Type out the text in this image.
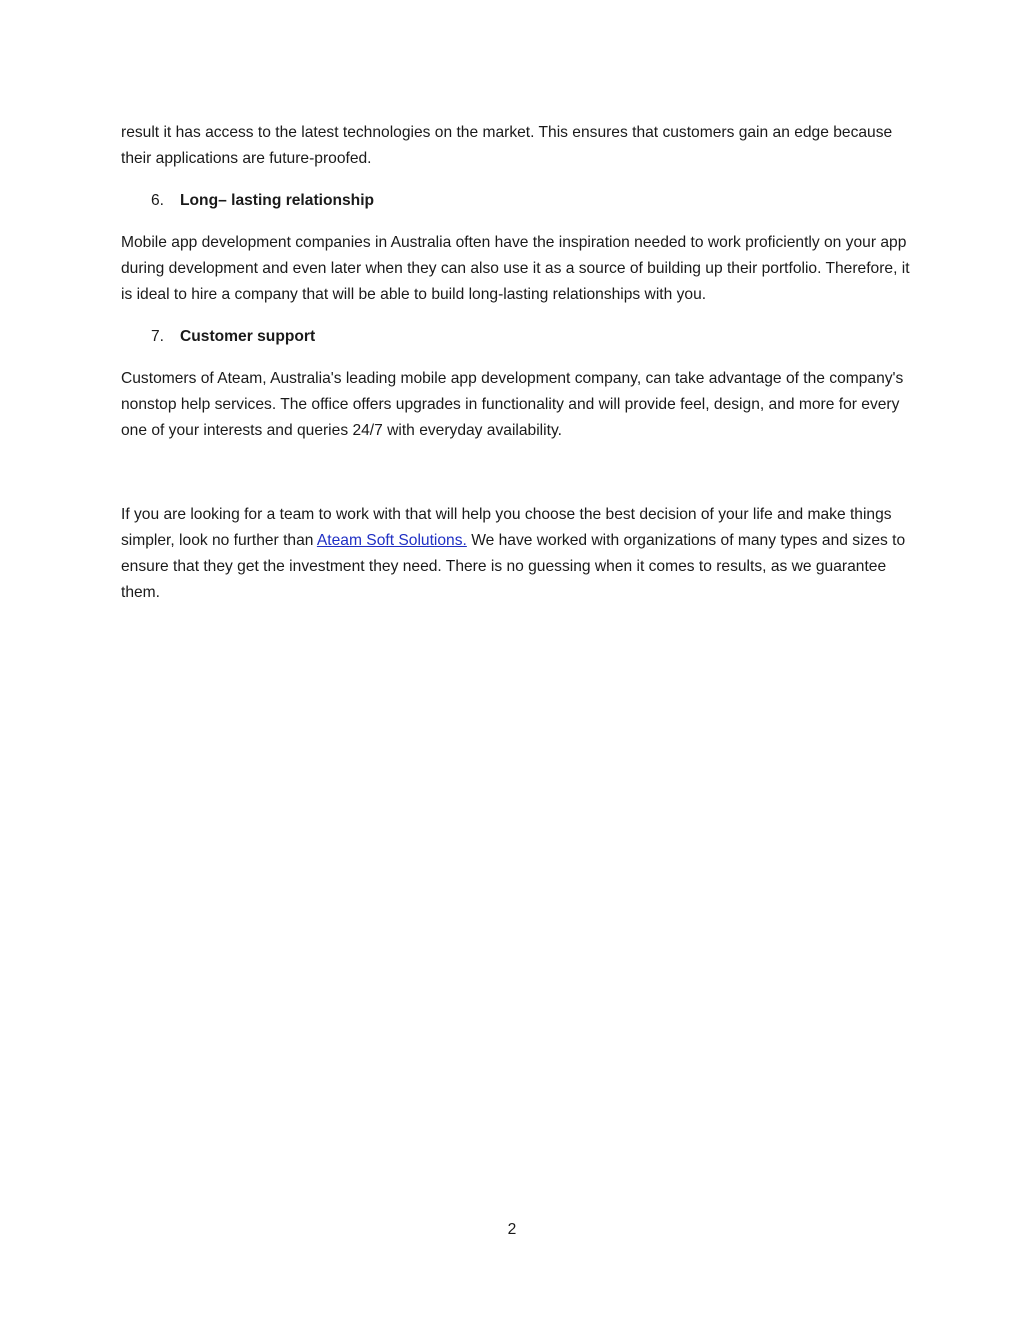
result it has access to the latest technologies on the market. This ensures that customers gain an edge because their applications are future-proofed.

6.	Long– lasting relationship

Mobile app development companies in Australia often have the inspiration needed to work proficiently on your app during development and even later when they can also use it as a source of building up their portfolio. Therefore, it is ideal to hire a company that will be able to build long-lasting relationships with you.

7.	Customer support

Customers of Ateam, Australia's leading mobile app development company, can take advantage of the company's nonstop help services. The office offers upgrades in functionality and will provide feel, design, and more for every one of your interests and queries 24/7 with everyday availability.

If you are looking for a team to work with that will help you choose the best decision of your life and make things simpler, look no further than Ateam Soft Solutions. We have worked with organizations of many types and sizes to ensure that they get the investment they need. There is no guessing when it comes to results, as we guarantee them.

2
